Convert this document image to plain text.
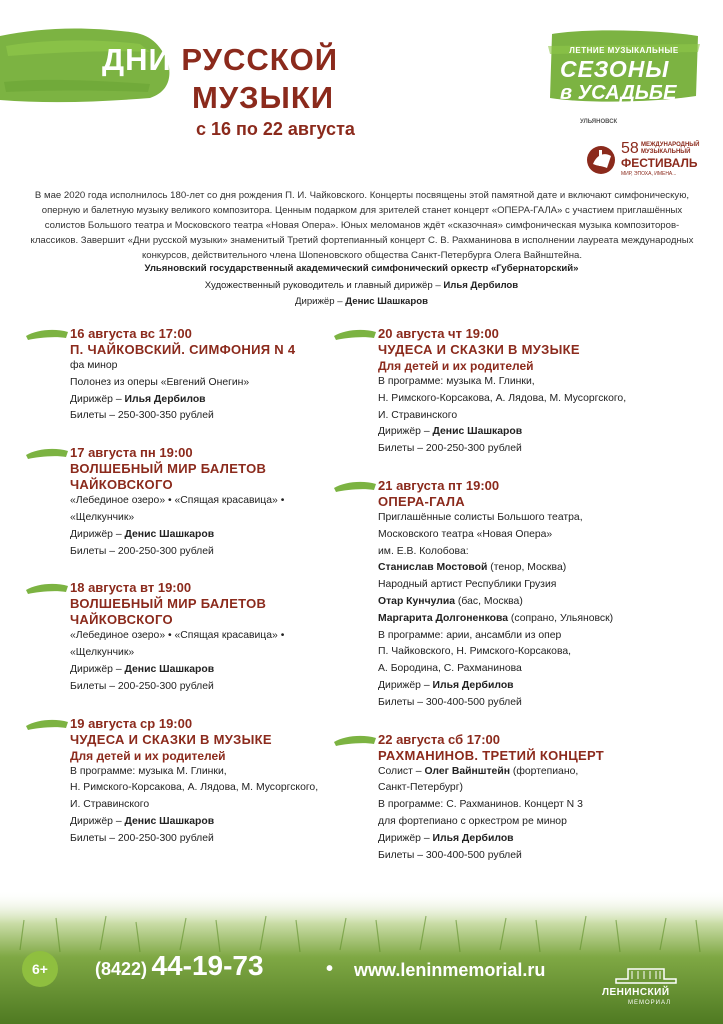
ДНИ РУССКОЙ
МУЗЫКИ
с 16 по 22 августа
ЛЕТНИЕ МУЗЫКАЛЬНЫЕ
СЕЗОНЫ
в УСАДЬБЕ
УЛЬЯНОВСК
58 МЕЖДУНАРОДНЫЙ
МУЗЫКАЛЬНЫЙ
ФЕСТИВАЛЬ
МИР, ЭПОХА, ИМЕНА...
В мае 2020 года исполнилось 180-лет со дня рождения П. И. Чайковского. Концерты посвящены этой памятной дате и включают симфоническую, оперную и балетную музыку великого композитора. Ценным подарком для зрителей станет концерт «ОПЕРА-ГАЛА» с участием приглашённых солистов Большого театра и Московского театра «Новая Опера». Юных меломанов ждёт «сказочная» симфоническая музыка композиторов-классиков. Завершит «Дни русской музыки» знаменитый Третий фортепианный концерт С. В. Рахманинова в исполнении лауреата международных конкурсов, действительного члена Шопеновского общества Санкт-Петербурга Олега Вайнштейна.
Ульяновский государственный академический симфонический оркестр «Губернаторский»
Художественный руководитель и главный дирижёр – Илья Дербилов
Дирижёр – Денис Шашкаров
16 августа вс 17:00
П. ЧАЙКОВСКИЙ. СИМФОНИЯ N 4
фа минор
Полонез из оперы «Евгений Онегин»
Дирижёр – Илья Дербилов
Билеты – 250-300-350 рублей
17 августа пн 19:00
ВОЛШЕБНЫЙ МИР БАЛЕТОВ
ЧАЙКОВСКОГО
«Лебединое озеро» • «Спящая красавица» •
«Щелкунчик»
Дирижёр – Денис Шашкаров
Билеты – 200-250-300 рублей
18 августа вт 19:00
ВОЛШЕБНЫЙ МИР БАЛЕТОВ
ЧАЙКОВСКОГО
«Лебединое озеро» • «Спящая красавица» •
«Щелкунчик»
Дирижёр – Денис Шашкаров
Билеты – 200-250-300 рублей
19 августа ср 19:00
ЧУДЕСА И СКАЗКИ В МУЗЫКЕ
Для детей и их родителей
В программе: музыка М. Глинки,
Н. Римского-Корсакова, А. Лядова, М. Мусоргского,
И. Стравинского
Дирижёр – Денис Шашкаров
Билеты – 200-250-300 рублей
20 августа чт 19:00
ЧУДЕСА И СКАЗКИ В МУЗЫКЕ
Для детей и их родителей
В программе: музыка М. Глинки,
Н. Римского-Корсакова, А. Лядова, М. Мусоргского,
И. Стравинского
Дирижёр – Денис Шашкаров
Билеты – 200-250-300 рублей
21 августа пт 19:00
ОПЕРА-ГАЛА
Приглашённые солисты Большого театра,
Московского театра «Новая Опера»
им. Е.В. Колобова:
Станислав Мостовой (тенор, Москва)
Народный артист Республики Грузия
Отар Кунчулиа (бас, Москва)
Маргарита Долгоненкова (сопрано, Ульяновск)
В программе: арии, ансамбли из опер
П. Чайковского, Н. Римского-Корсакова,
А. Бородина, С. Рахманинова
Дирижёр – Илья Дербилов
Билеты – 300-400-500 рублей
22 августа сб 17:00
РАХМАНИНОВ. ТРЕТИЙ КОНЦЕРТ
Солист – Олег Вайнштейн (фортепиано,
Санкт-Петербург)
В программе: С. Рахманинов. Концерт N 3
для фортепиано с оркестром ре минор
Дирижёр – Илья Дербилов
Билеты – 300-400-500 рублей
6+	(8422) 44-19-73	• www.leninmemorial.ru
ЛЕНИНСКИЙ
МЕМОРИАЛ
